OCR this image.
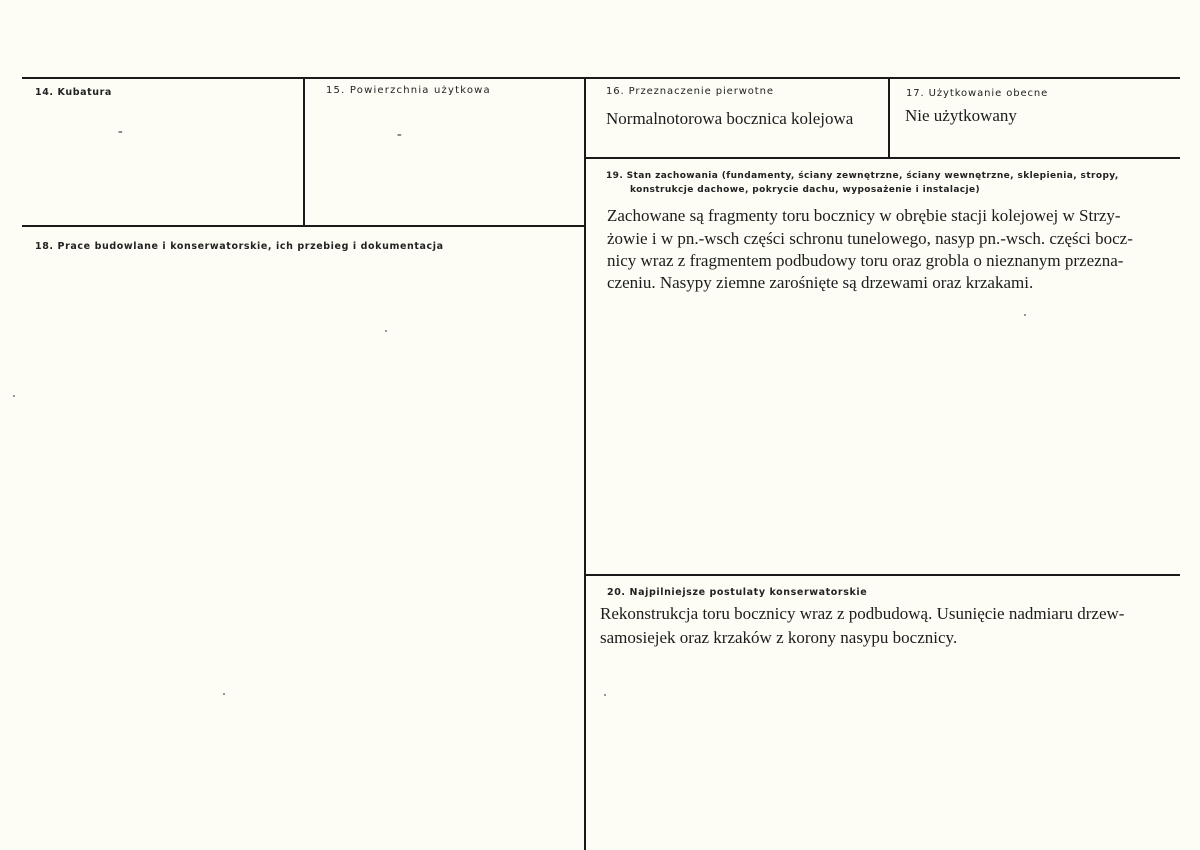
14. Kubatura
-
15. Powierzchnia użytkowa
-
16. Przeznaczenie pierwotne
Normalnotorowa bocznica kolejowa
17. Użytkowanie obecne
Nie użytkowany
18. Prace budowlane i konserwatorskie, ich przebieg i dokumentacja
19. Stan zachowania (fundamenty, ściany zewnętrzne, ściany wewnętrzne, sklepienia, stropy,
konstrukcje dachowe, pokrycie dachu, wyposażenie i instalacje)
Zachowane są fragmenty toru bocznicy w obrębie stacji kolejowej w Strzy-
żowie i w pn.-wsch części schronu tunelowego, nasyp pn.-wsch. części bocz-
nicy wraz z fragmentem podbudowy toru oraz grobla o nieznanym przezna-
czeniu. Nasypy ziemne zarośnięte są drzewami oraz krzakami.
20. Najpilniejsze postulaty konserwatorskie
Rekonstrukcja toru bocznicy wraz z podbudową. Usunięcie nadmiaru drzew-
samosiejek oraz krzaków z korony nasypu bocznicy.
